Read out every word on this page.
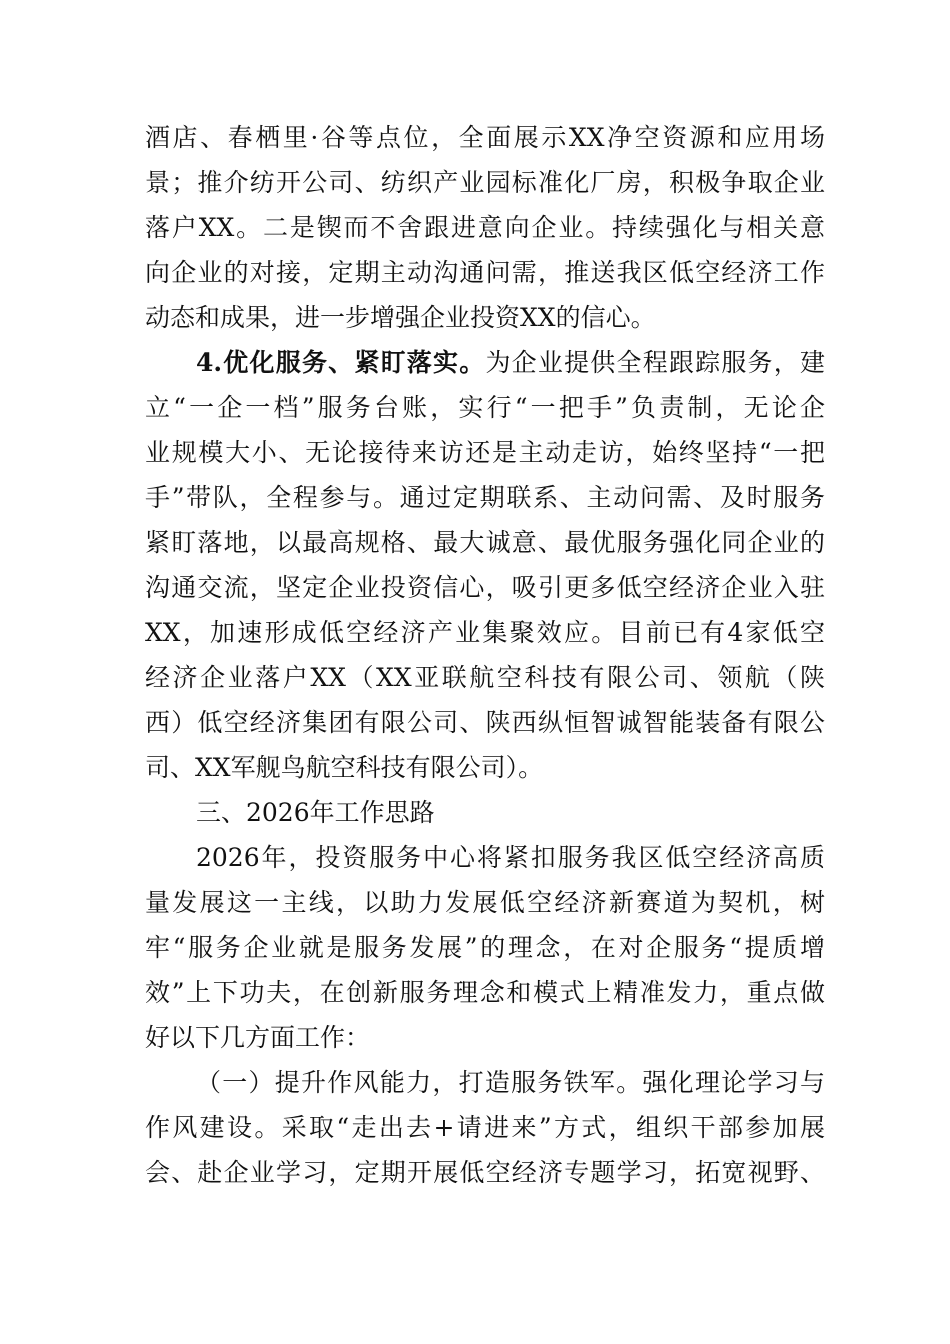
酒店、春栖里·谷等点位，全面展示XX净空资源和应用场
景；推介纺开公司、纺织产业园标准化厂房，积极争取企业
落户XX。二是锲而不舍跟进意向企业。持续强化与相关意
向企业的对接，定期主动沟通问需，推送我区低空经济工作
动态和成果，进一步增强企业投资XX的信心。
4.优化服务、紧盯落实。为企业提供全程跟踪服务，建
立“一企一档”服务台账，实行“一把手”负责制，无论企
业规模大小、无论接待来访还是主动走访，始终坚持“一把
手”带队，全程参与。通过定期联系、主动问需、及时服务
紧盯落地，以最高规格、最大诚意、最优服务强化同企业的
沟通交流，坚定企业投资信心，吸引更多低空经济企业入驻
XX，加速形成低空经济产业集聚效应。目前已有4家低空
经济企业落户XX（XX亚联航空科技有限公司、领航（陕
西）低空经济集团有限公司、陕西纵恒智诚智能装备有限公
司、XX军舰鸟航空科技有限公司）。
三、2026年工作思路
2026年，投资服务中心将紧扣服务我区低空经济高质
量发展这一主线，以助力发展低空经济新赛道为契机，树
牢“服务企业就是服务发展”的理念，在对企服务“提质增
效”上下功夫，在创新服务理念和模式上精准发力，重点做
好以下几方面工作：
（一）提升作风能力，打造服务铁军。强化理论学习与
作风建设。采取“走出去+请进来”方式，组织干部参加展
会、赴企业学习，定期开展低空经济专题学习，拓宽视野、
